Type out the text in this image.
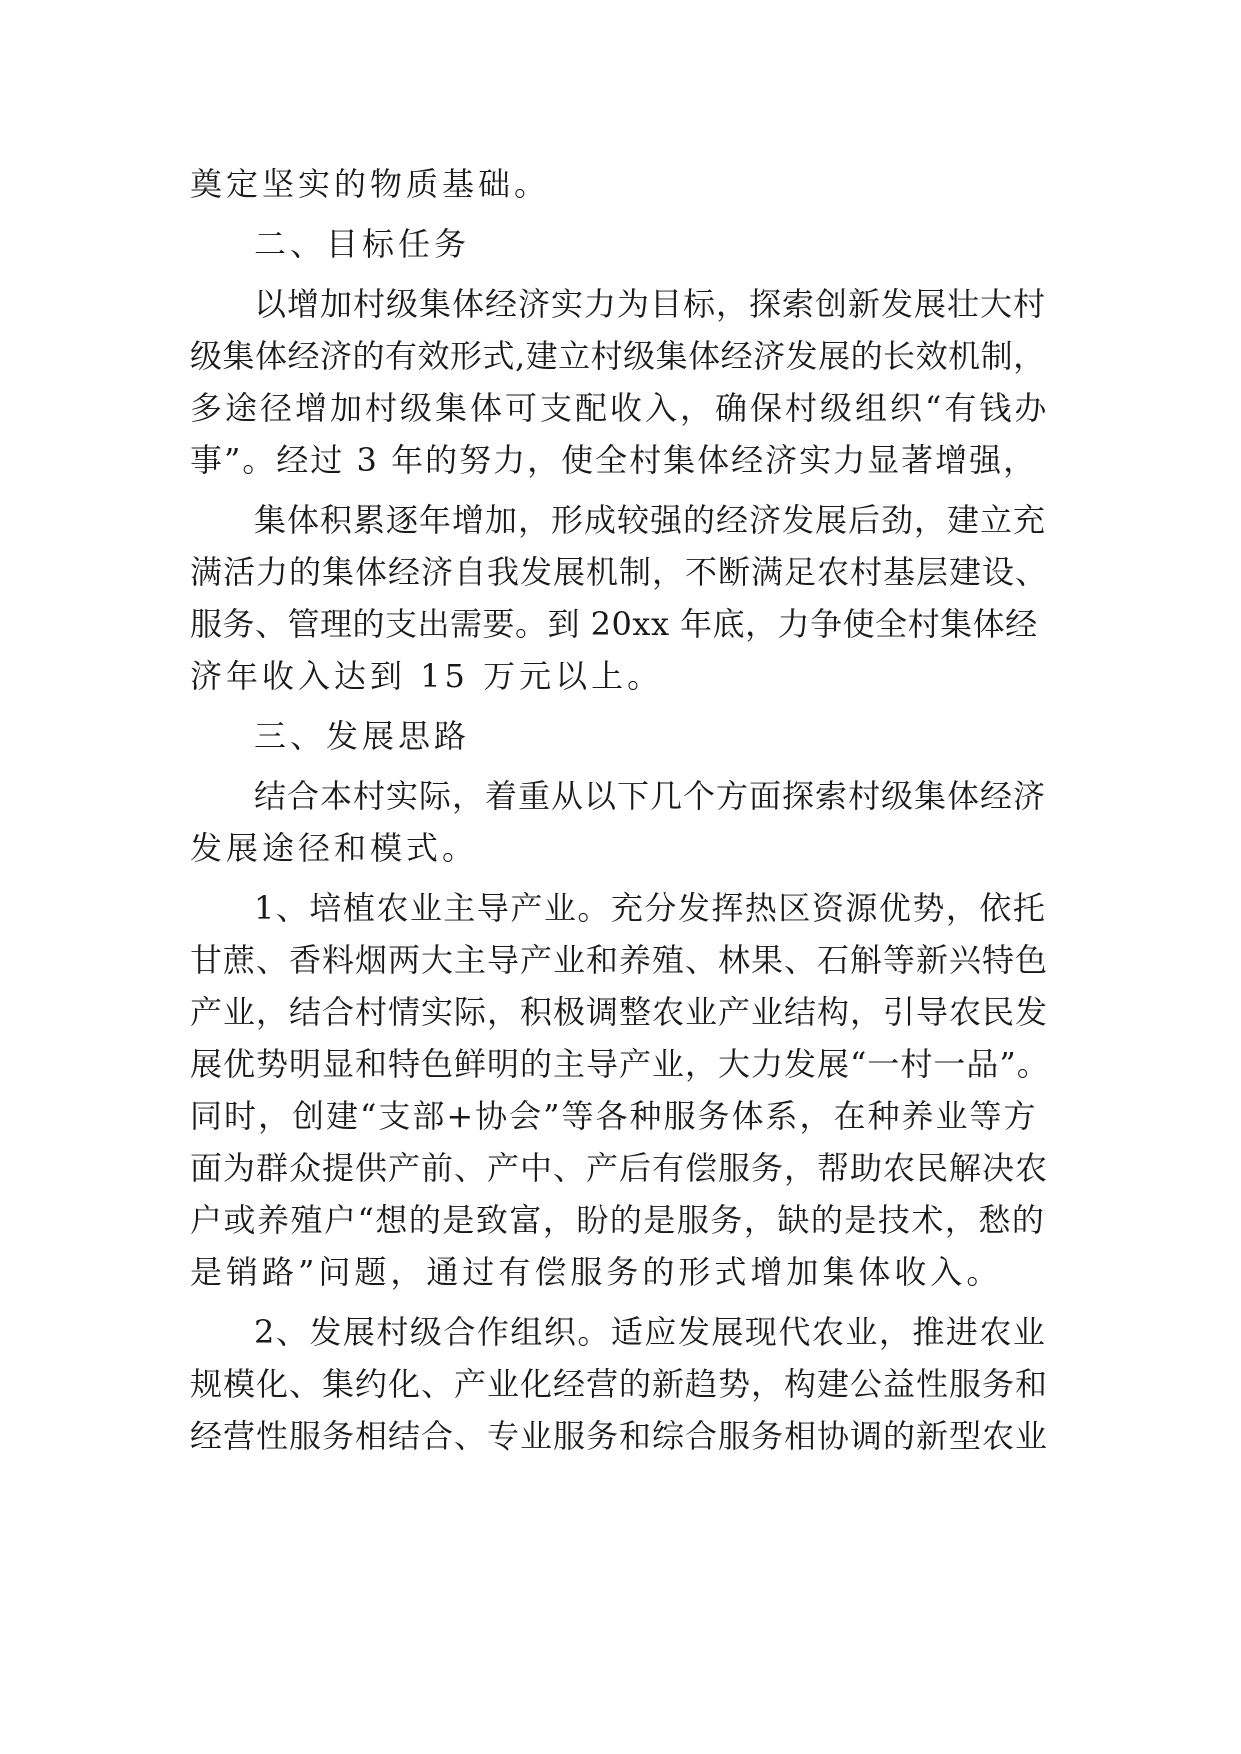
奠定坚实的物质基础。
二、目标任务
以增加村级集体经济实力为目标，探索创新发展壮大村
级集体经济的有效形式,建立村级集体经济发展的长效机制，
多途径增加村级集体可支配收入，确保村级组织“有钱办
事”。经过 3 年的努力，使全村集体经济实力显著增强，
集体积累逐年增加，形成较强的经济发展后劲，建立充
满活力的集体经济自我发展机制，不断满足农村基层建设、
服务、管理的支出需要。到 20xx 年底，力争使全村集体经
济年收入达到 15 万元以上。
三、发展思路
结合本村实际，着重从以下几个方面探索村级集体经济
发展途径和模式。
1、培植农业主导产业。充分发挥热区资源优势，依托
甘蔗、香料烟两大主导产业和养殖、林果、石斛等新兴特色
产业，结合村情实际，积极调整农业产业结构，引导农民发
展优势明显和特色鲜明的主导产业，大力发展“一村一品”。
同时，创建“支部+协会”等各种服务体系，在种养业等方
面为群众提供产前、产中、产后有偿服务，帮助农民解决农
户或养殖户“想的是致富，盼的是服务，缺的是技术，愁的
是销路”问题，通过有偿服务的形式增加集体收入。
2、发展村级合作组织。适应发展现代农业，推进农业
规模化、集约化、产业化经营的新趋势，构建公益性服务和
经营性服务相结合、专业服务和综合服务相协调的新型农业
